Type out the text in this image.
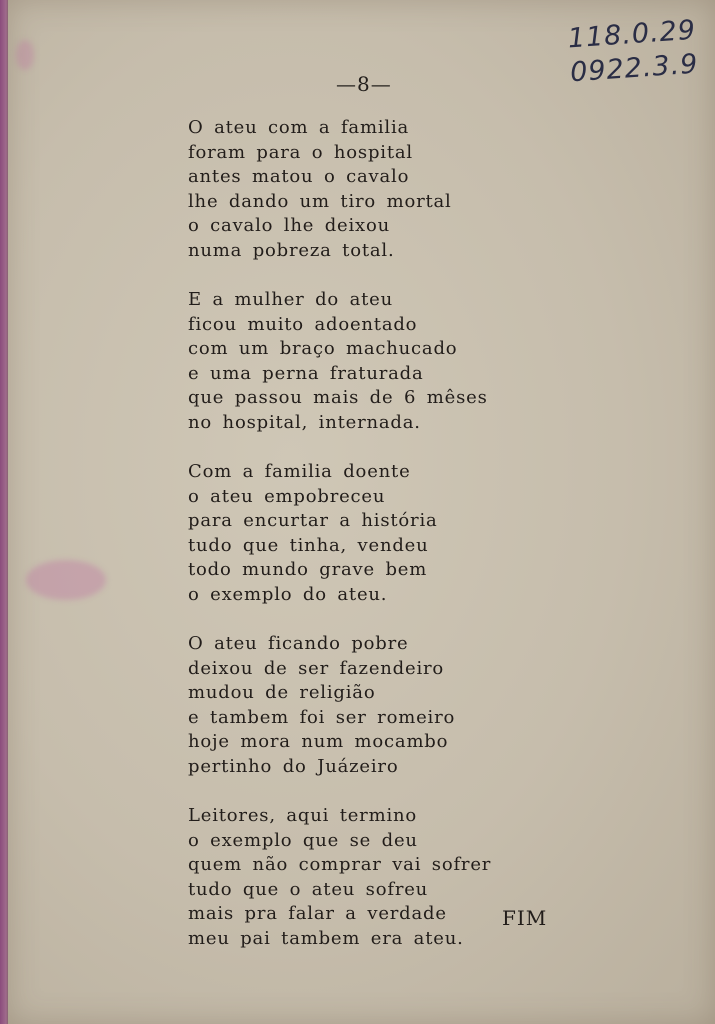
118.0.29
0922.3.9
—8—
O ateu com a familia
foram para o hospital
antes matou o cavalo
lhe dando um tiro mortal
o cavalo lhe deixou
numa pobreza total.
E a mulher do ateu
ficou muito adoentado
com um braço machucado
e uma perna fraturada
que passou mais de 6 mêses
no hospital, internada.
Com a familia doente
o ateu empobreceu
para encurtar a história
tudo que tinha, vendeu
todo mundo grave bem
o exemplo do ateu.
O ateu ficando pobre
deixou de ser fazendeiro
mudou de religião
e tambem foi ser romeiro
hoje mora num mocambo
pertinho do Juázeiro
Leitores, aqui termino
o exemplo que se deu
quem não comprar vai sofrer
tudo que o ateu sofreu
mais pra falar a verdade
meu pai tambem era ateu.
FIM
